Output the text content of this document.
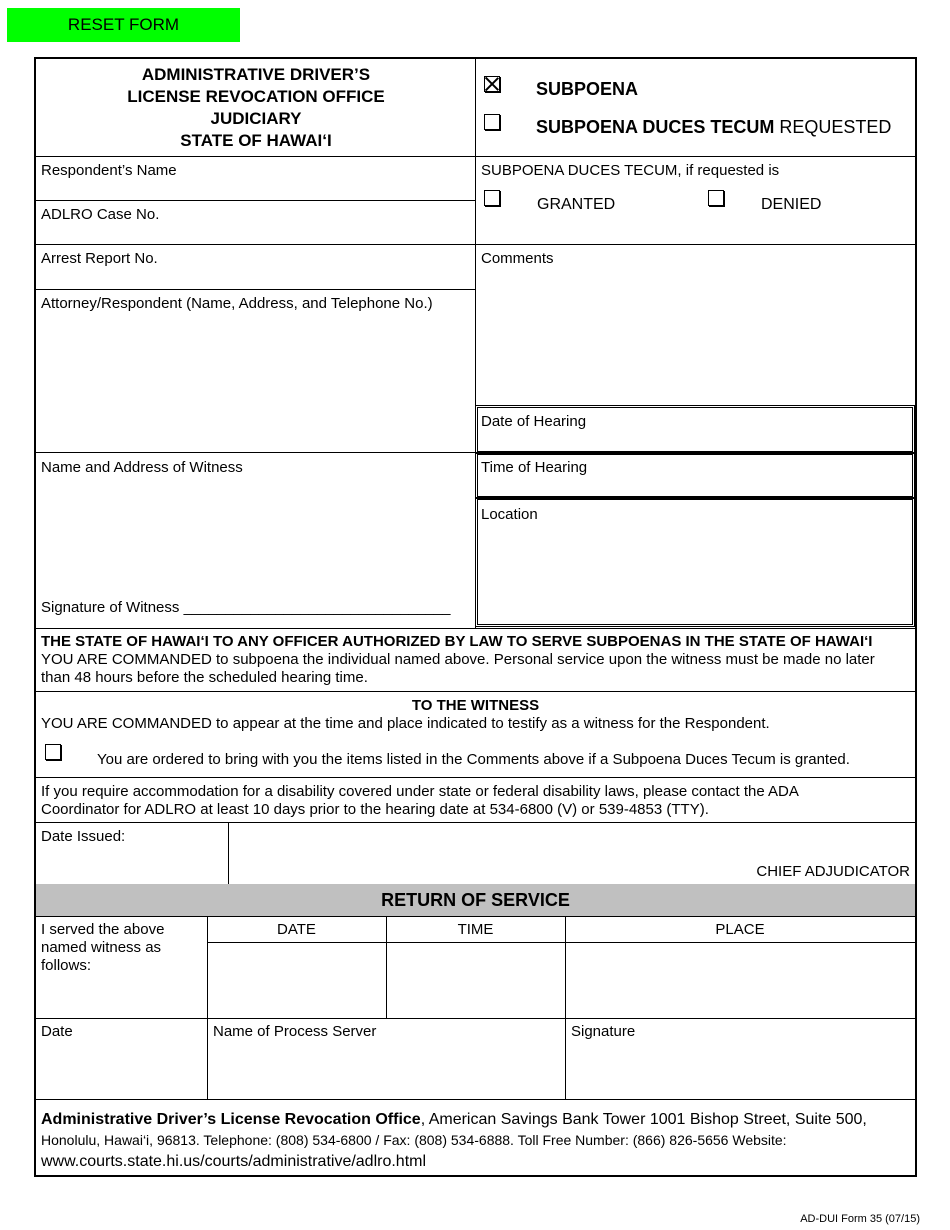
RESET FORM
ADMINISTRATIVE DRIVER’S
LICENSE REVOCATION OFFICE
JUDICIARY
STATE OF HAWAI‘I
SUBPOENA
SUBPOENA DUCES TECUM REQUESTED
Respondent’s Name
ADLRO Case No.
Arrest Report No.
Attorney/Respondent (Name, Address, and Telephone No.)
Name and Address of Witness
Signature of Witness ________________________________
SUBPOENA DUCES TECUM, if requested is
GRANTED	DENIED
Comments
Date of Hearing
Time of Hearing
Location
THE STATE OF HAWAI‘I TO ANY OFFICER AUTHORIZED BY LAW TO SERVE SUBPOENAS IN THE STATE OF HAWAI‘I
YOU ARE COMMANDED to subpoena the individual named above. Personal service upon the witness must be made no later
than 48 hours before the scheduled hearing time.
TO THE WITNESS
YOU ARE COMMANDED to appear at the time and place indicated to testify as a witness for the Respondent.
You are ordered to bring with you the items listed in the Comments above if a Subpoena Duces Tecum is granted.
If you require accommodation for a disability covered under state or federal disability laws, please contact the ADA
Coordinator for ADLRO at least 10 days prior to the hearing date at 534-6800 (V) or 539-4853 (TTY).
Date Issued:
CHIEF ADJUDICATOR
RETURN OF SERVICE
I served the above
named witness as
follows:
DATE	TIME	PLACE
Date	Name of Process Server	Signature
Administrative Driver’s License Revocation Office, American Savings Bank Tower 1001 Bishop Street, Suite 500,
Honolulu, Hawai‘i, 96813. Telephone: (808) 534-6800 / Fax: (808) 534-6888. Toll Free Number: (866) 826-5656 Website:
www.courts.state.hi.us/courts/administrative/adlro.html
AD-DUI Form 35 (07/15)
